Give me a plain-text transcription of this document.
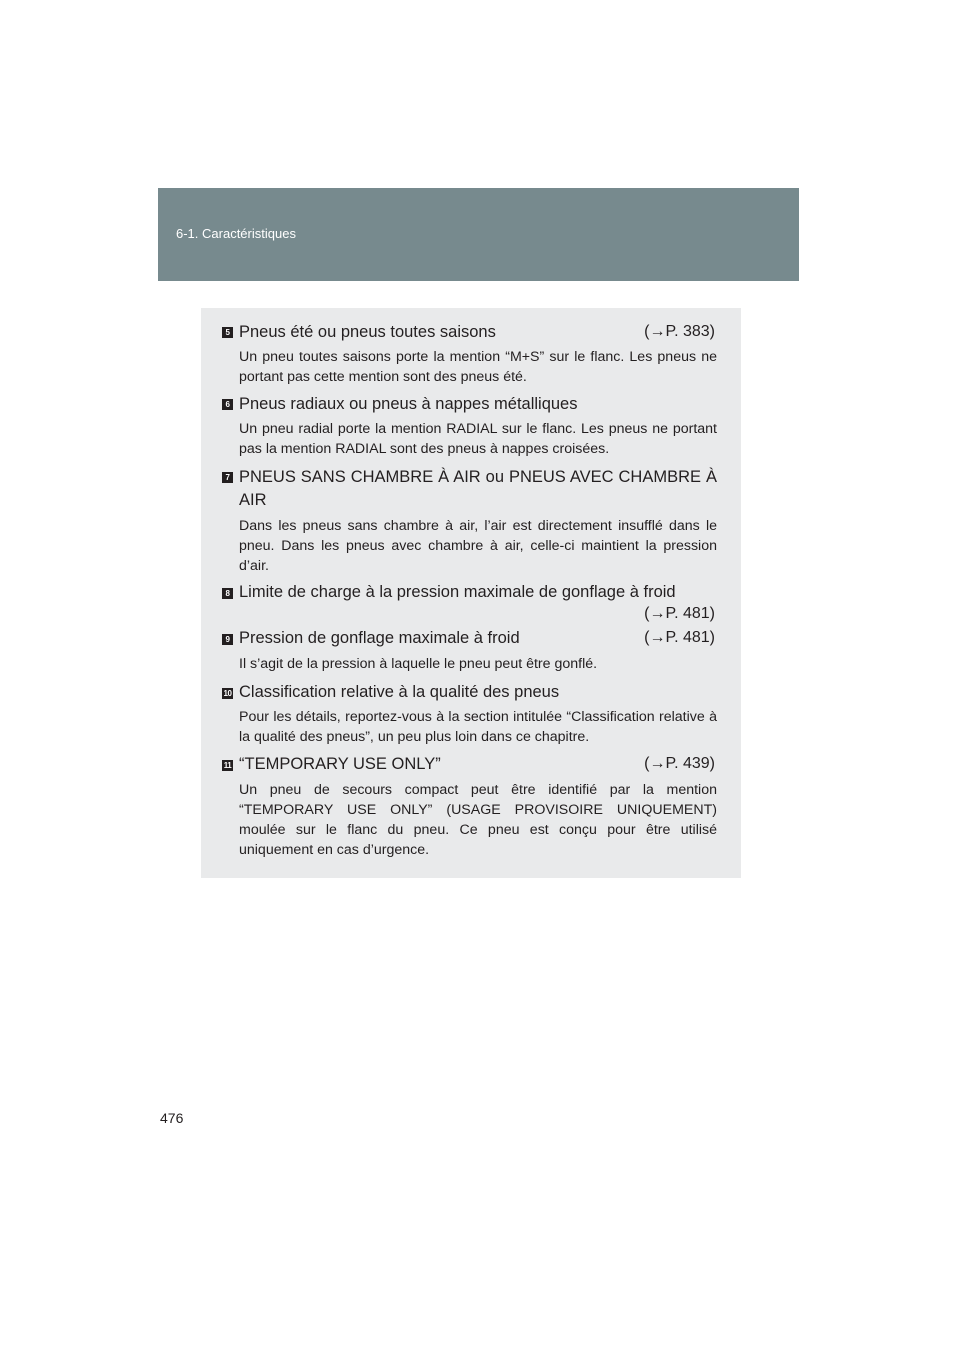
6-1. Caractéristiques
5 Pneus été ou pneus toutes saisons	(→P. 383)
Un pneu toutes saisons porte la mention “M+S” sur le flanc. Les pneus ne portant pas cette mention sont des pneus été.
6 Pneus radiaux ou pneus à nappes métalliques
Un pneu radial porte la mention RADIAL sur le flanc. Les pneus ne portant pas la mention RADIAL sont des pneus à nappes croisées.
7 PNEUS SANS CHAMBRE À AIR ou PNEUS AVEC CHAMBRE À AIR
Dans les pneus sans chambre à air, l’air est directement insufflé dans le pneu. Dans les pneus avec chambre à air, celle-ci maintient la pression d’air.
8 Limite de charge à la pression maximale de gonflage à froid
(→P. 481)
9 Pression de gonflage maximale à froid	(→P. 481)
Il s’agit de la pression à laquelle le pneu peut être gonflé.
10 Classification relative à la qualité des pneus
Pour les détails, reportez-vous à la section intitulée “Classification relative à la qualité des pneus”, un peu plus loin dans ce chapitre.
11 “TEMPORARY USE ONLY”	(→P. 439)
Un pneu de secours compact peut être identifié par la mention “TEMPORARY USE ONLY” (USAGE PROVISOIRE UNIQUEMENT) moulée sur le flanc du pneu. Ce pneu est conçu pour être utilisé uniquement en cas d’urgence.
476
